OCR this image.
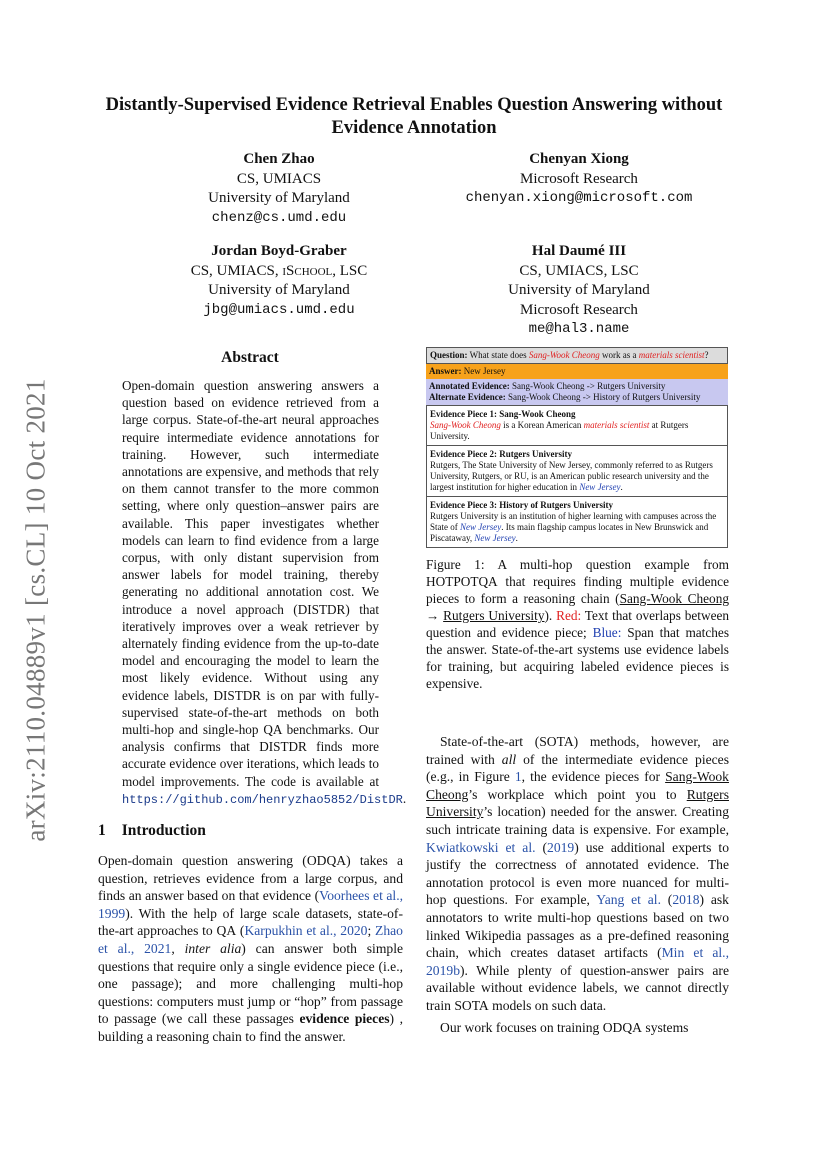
arXiv:2110.04889v1 [cs.CL] 10 Oct 2021
Distantly-Supervised Evidence Retrieval Enables Question Answering without Evidence Annotation
Chen Zhao
CS, UMIACS
University of Maryland
chenz@cs.umd.edu
Chenyan Xiong
Microsoft Research
chenyan.xiong@microsoft.com
Jordan Boyd-Graber
CS, UMIACS, iSchool, LSC
University of Maryland
jbg@umiacs.umd.edu
Hal Daumé III
CS, UMIACS, LSC
University of Maryland
Microsoft Research
me@hal3.name
Abstract
Open-domain question answering answers a question based on evidence retrieved from a large corpus. State-of-the-art neural approaches require intermediate evidence annotations for training. However, such intermediate annotations are expensive, and methods that rely on them cannot transfer to the more common setting, where only question–answer pairs are available. This paper investigates whether models can learn to find evidence from a large corpus, with only distant supervision from answer labels for model training, thereby generating no additional annotation cost. We introduce a novel approach (DISTDR) that iteratively improves over a weak retriever by alternately finding evidence from the up-to-date model and encouraging the model to learn the most likely evidence. Without using any evidence labels, DISTDR is on par with fully-supervised state-of-the-art methods on both multi-hop and single-hop QA benchmarks. Our analysis confirms that DISTDR finds more accurate evidence over iterations, which leads to model improvements. The code is available at https://github.com/henryzhao5852/DistDR.
1 Introduction
Open-domain question answering (ODQA) takes a question, retrieves evidence from a large corpus, and finds an answer based on that evidence (Voorhees et al., 1999). With the help of large scale datasets, state-of-the-art approaches to QA (Karpukhin et al., 2020; Zhao et al., 2021, inter alia) can answer both simple questions that require only a single evidence piece (i.e., one passage); and more challenging multi-hop questions: computers must jump or “hop” from passage to passage (we call these passages evidence pieces) , building a reasoning chain to find the answer.
Question: What state does Sang-Wook Cheong work as a materials scientist?
Answer: New Jersey
Annotated Evidence: Sang-Wook Cheong -> Rutgers University
Alternate Evidence: Sang-Wook Cheong -> History of Rutgers University
Evidence Piece 1: Sang-Wook Cheong
Sang-Wook Cheong is a Korean American materials scientist at Rutgers University.
Evidence Piece 2: Rutgers University
Rutgers, The State University of New Jersey, commonly referred to as Rutgers University, Rutgers, or RU, is an American public research university and the largest institution for higher education in New Jersey.
Evidence Piece 3: History of Rutgers University
Rutgers University is an institution of higher learning with campuses across the State of New Jersey. Its main flagship campus locates in New Brunswick and Piscataway, New Jersey.
Figure 1: A multi-hop question example from HOTPOTQA that requires finding multiple evidence pieces to form a reasoning chain (Sang-Wook Cheong → Rutgers University). Red: Text that overlaps between question and evidence piece; Blue: Span that matches the answer. State-of-the-art systems use evidence labels for training, but acquiring labeled evidence pieces is expensive.

State-of-the-art (SOTA) methods, however, are trained with all of the intermediate evidence pieces (e.g., in Figure 1, the evidence pieces for Sang-Wook Cheong’s workplace which point you to Rutgers University’s location) needed for the answer. Creating such intricate training data is expensive. For example, Kwiatkowski et al. (2019) use additional experts to justify the correctness of annotated evidence. The annotation protocol is even more nuanced for multi-hop questions. For example, Yang et al. (2018) ask annotators to write multi-hop questions based on two linked Wikipedia passages as a pre-defined reasoning chain, which creates dataset artifacts (Min et al., 2019b). While plenty of question-answer pairs are available without evidence labels, we cannot directly train SOTA models on such data.

Our work focuses on training ODQA systems
